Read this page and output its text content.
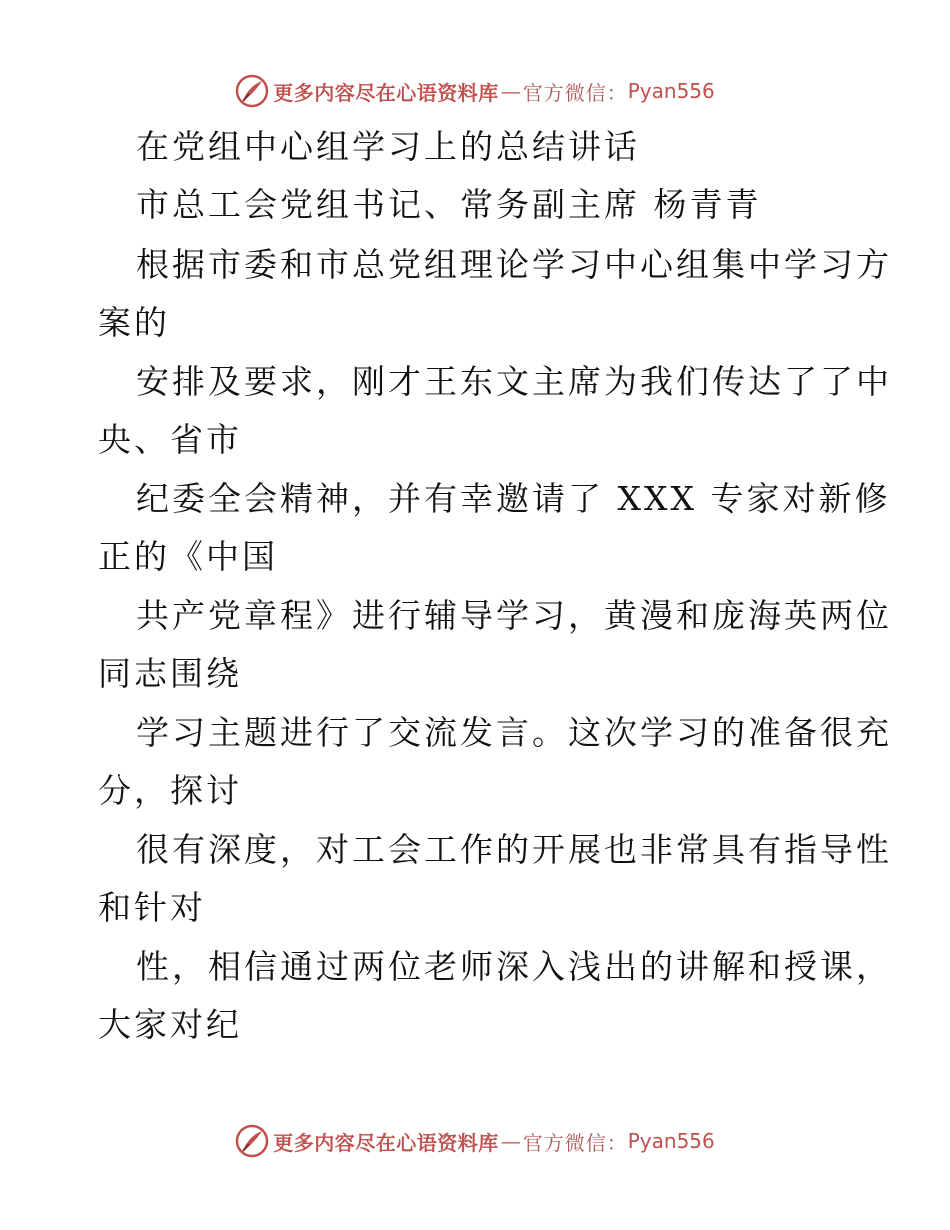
更多内容尽在心语资料库 — 官方微信： Pyan556
在党组中心组学习上的总结讲话
市总工会党组书记、常务副主席 杨青青
根据市委和市总党组理论学习中心组集中学习方
案的
安排及要求，刚才王东文主席为我们传达了了中
央、省市
纪委全会精神，并有幸邀请了 XXX 专家对新修
正的《中国
共产党章程》进行辅导学习，黄漫和庞海英两位
同志围绕
学习主题进行了交流发言。这次学习的准备很充
分，探讨
很有深度，对工会工作的开展也非常具有指导性
和针对
性，相信通过两位老师深入浅出的讲解和授课，
大家对纪
更多内容尽在心语资料库 — 官方微信： Pyan556
